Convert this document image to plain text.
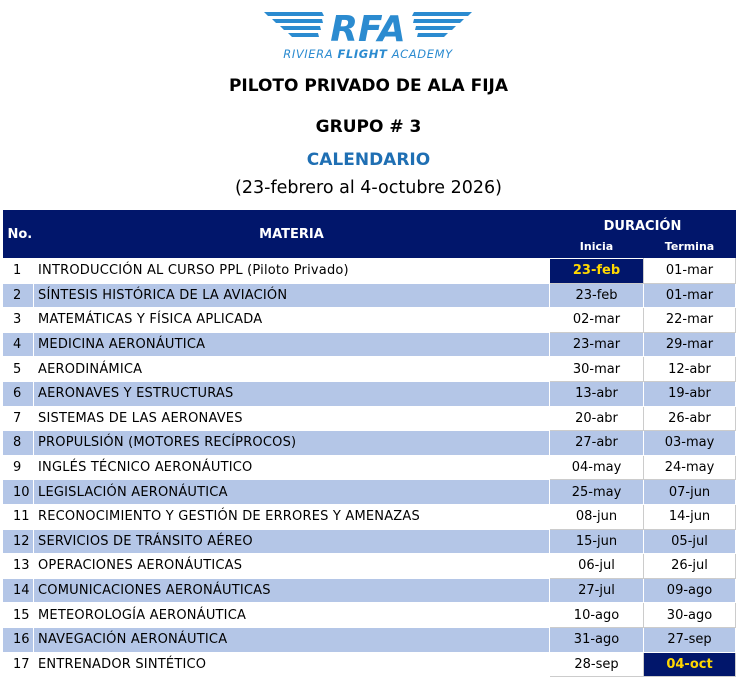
RFA
RIVIERA FLIGHT ACADEMY
PILOTO PRIVADO DE ALA FIJA
GRUPO # 3
CALENDARIO
(23-febrero al 4-octubre 2026)
No.	MATERIA	DURACIÓN	
		Inicia	Termina
1	INTRODUCCIÓN AL CURSO PPL (Piloto Privado)	23-feb	01-mar
2	SÍNTESIS HISTÓRICA DE LA AVIACIÓN	23-feb	01-mar
3	MATEMÁTICAS Y FÍSICA APLICADA	02-mar	22-mar
4	MEDICINA AERONÁUTICA	23-mar	29-mar
5	AERODINÁMICA	30-mar	12-abr
6	AERONAVES Y ESTRUCTURAS	13-abr	19-abr
7	SISTEMAS DE LAS AERONAVES	20-abr	26-abr
8	PROPULSIÓN (MOTORES RECÍPROCOS)	27-abr	03-may
9	INGLÉS TÉCNICO AERONÁUTICO	04-may	24-may
10	LEGISLACIÓN AERONÁUTICA	25-may	07-jun
11	RECONOCIMIENTO Y GESTIÓN DE ERRORES Y AMENAZAS	08-jun	14-jun
12	SERVICIOS DE TRÁNSITO AÉREO	15-jun	05-jul
13	OPERACIONES AERONÁUTICAS	06-jul	26-jul
14	COMUNICACIONES AERONÁUTICAS	27-jul	09-ago
15	METEOROLOGÍA AERONÁUTICA	10-ago	30-ago
16	NAVEGACIÓN AERONÁUTICA	31-ago	27-sep
17	ENTRENADOR SINTÉTICO	28-sep	04-oct
